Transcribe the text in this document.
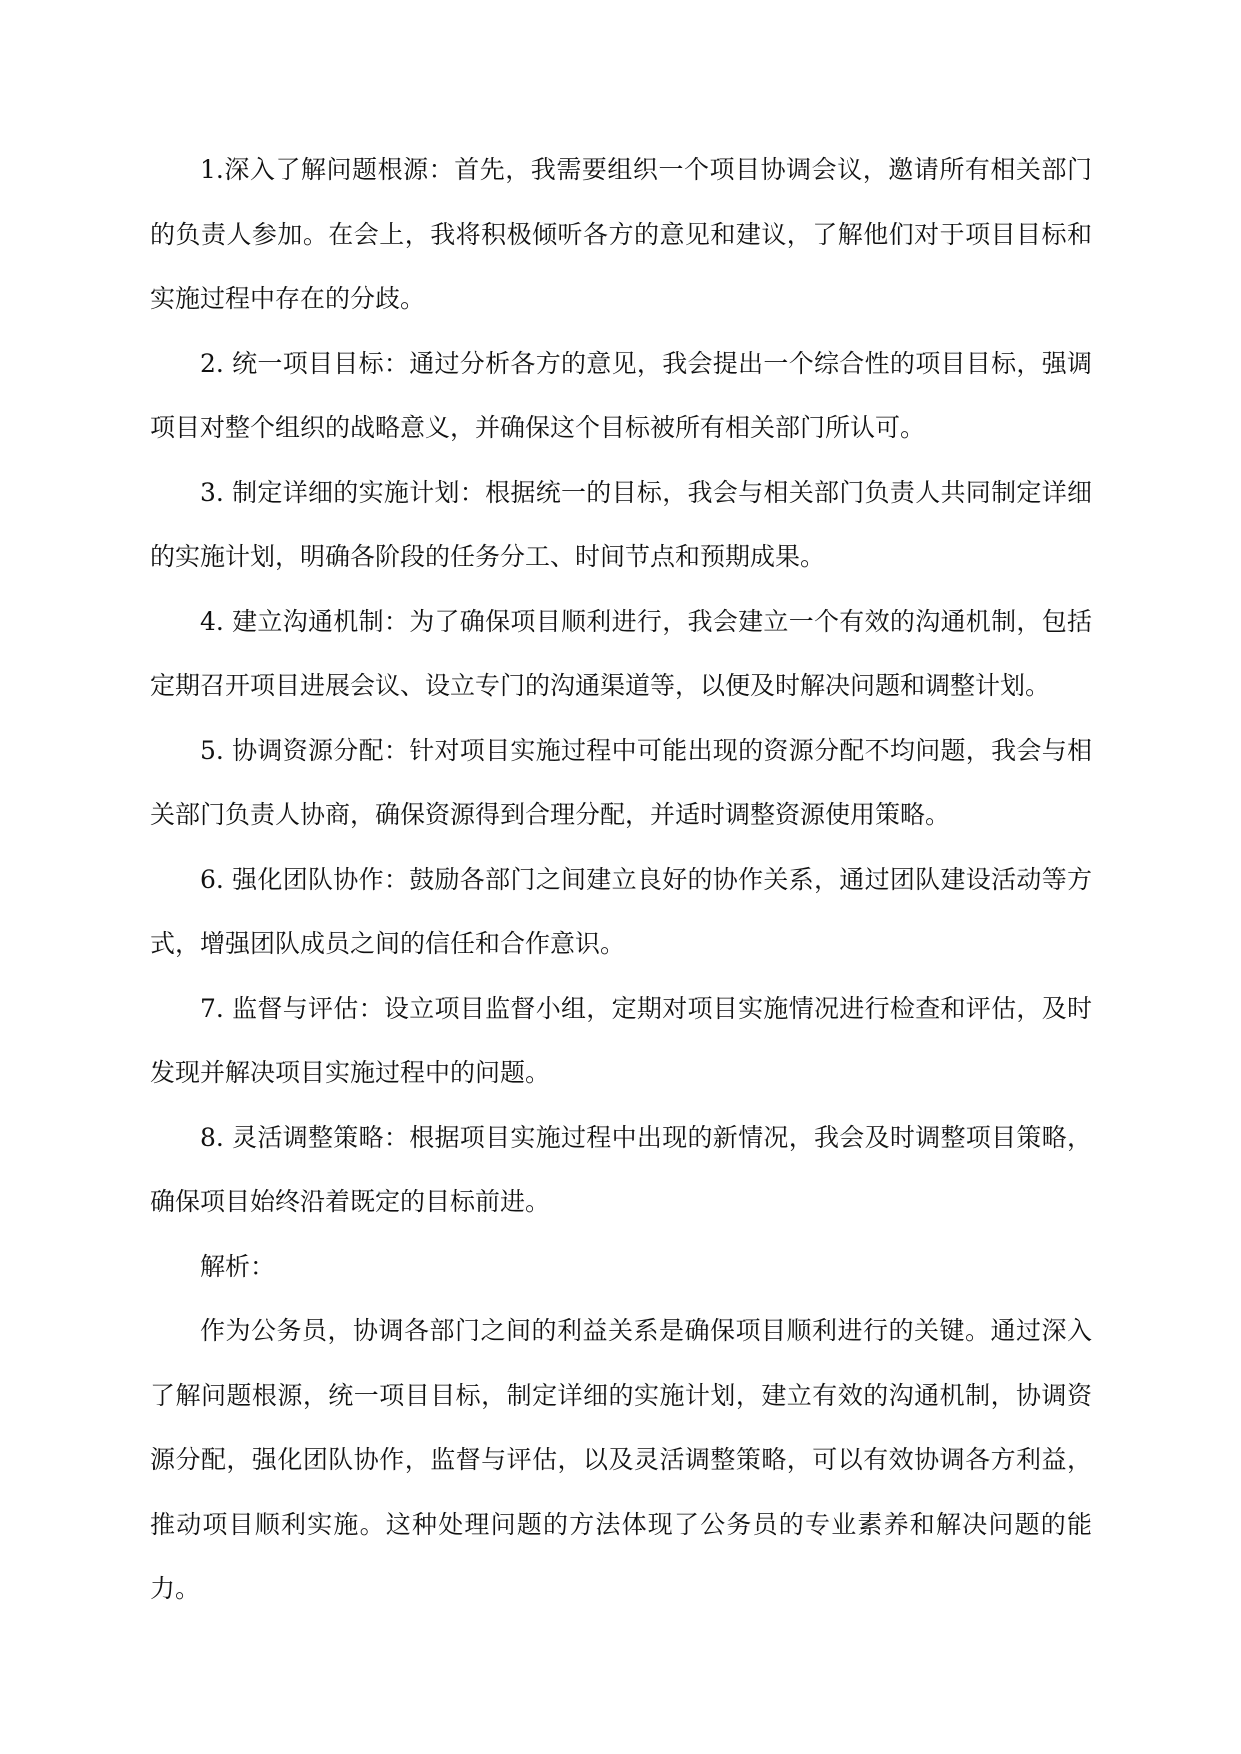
1.深入了解问题根源：首先，我需要组织一个项目协调会议，邀请所有相关部门的负责人参加。在会上，我将积极倾听各方的意见和建议，了解他们对于项目目标和实施过程中存在的分歧。

2. 统一项目目标：通过分析各方的意见，我会提出一个综合性的项目目标，强调项目对整个组织的战略意义，并确保这个目标被所有相关部门所认可。

3. 制定详细的实施计划：根据统一的目标，我会与相关部门负责人共同制定详细的实施计划，明确各阶段的任务分工、时间节点和预期成果。

4. 建立沟通机制：为了确保项目顺利进行，我会建立一个有效的沟通机制，包括定期召开项目进展会议、设立专门的沟通渠道等，以便及时解决问题和调整计划。

5. 协调资源分配：针对项目实施过程中可能出现的资源分配不均问题，我会与相关部门负责人协商，确保资源得到合理分配，并适时调整资源使用策略。

6. 强化团队协作：鼓励各部门之间建立良好的协作关系，通过团队建设活动等方式，增强团队成员之间的信任和合作意识。

7. 监督与评估：设立项目监督小组，定期对项目实施情况进行检查和评估，及时发现并解决项目实施过程中的问题。

8. 灵活调整策略：根据项目实施过程中出现的新情况，我会及时调整项目策略，确保项目始终沿着既定的目标前进。

解析：

作为公务员，协调各部门之间的利益关系是确保项目顺利进行的关键。通过深入了解问题根源，统一项目目标，制定详细的实施计划，建立有效的沟通机制，协调资源分配，强化团队协作，监督与评估，以及灵活调整策略，可以有效协调各方利益，推动项目顺利实施。这种处理问题的方法体现了公务员的专业素养和解决问题的能力。
